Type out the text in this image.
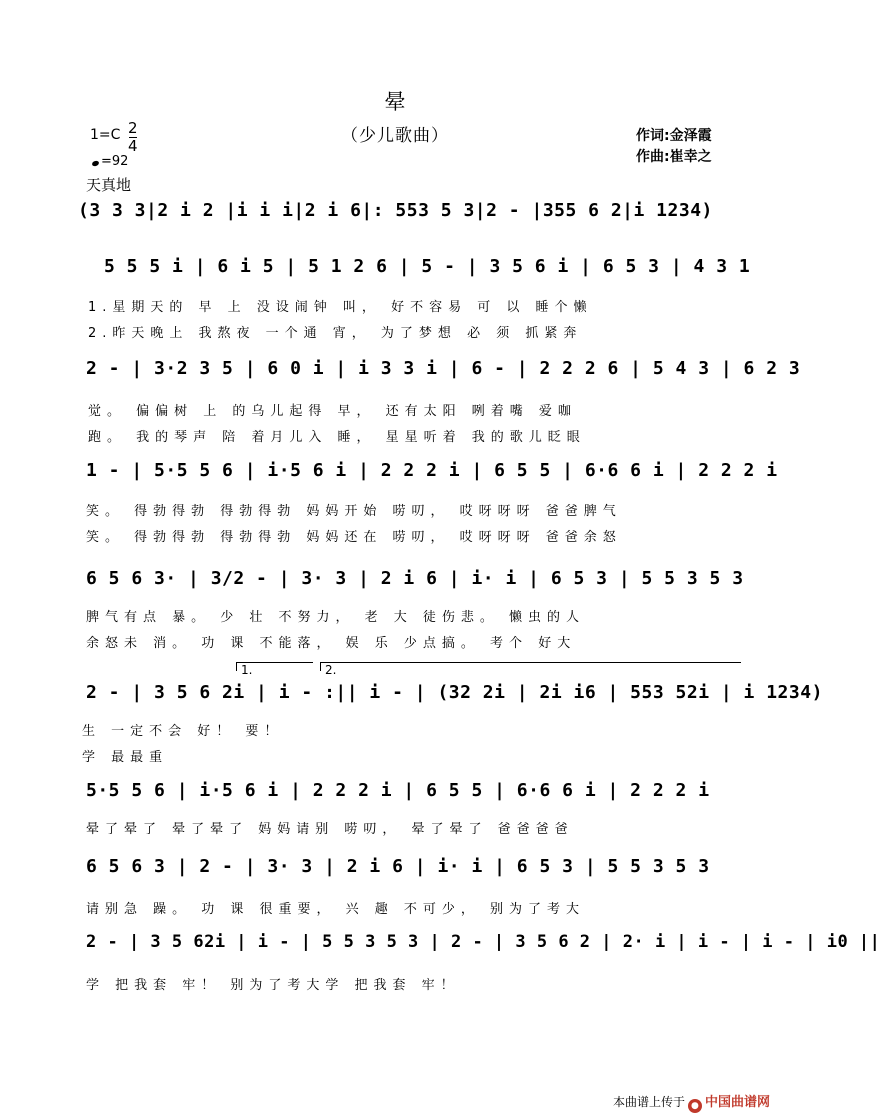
晕
（少儿歌曲）	作词:金泽霞
作曲:崔幸之
1=C 2
4
=92
天真地
(3 3 3|2 i 2 |i i i|2 i 6|: 553 5 3|2 - |355 6 2|i 1234)
5 5 5 i | 6 i 5 | 5 1 2 6 | 5 - | 3 5 6 i | 6 5 3 | 4 3 1
1.星期天的 早 上 没设闹钟 叫， 好不容易 可 以 睡个懒
2.昨天晚上 我熬夜 一个通 宵， 为了梦想 必 须 抓紧奔
2 - | 3·2 3 5 | 6 0 i | i 3 3 i | 6 - | 2 2 2 6 | 5 4 3 | 6 2 3
觉。 偏偏树 上 的乌儿起得 早， 还有太阳 咧着嘴 爱咖
跑。 我的琴声 陪 着月儿入 睡， 星星听着 我的歌儿眨眼
1 - | 5·5 5 6 | i·5 6 i | 2 2 2 i | 6 5 5 | 6·6 6 i | 2 2 2 i
笑。 得勃得勃 得勃得勃 妈妈开始 唠叨， 哎呀呀呀 爸爸脾气
笑。 得勃得勃 得勃得勃 妈妈还在 唠叨， 哎呀呀呀 爸爸余怒
6 5 6 3· | 3/2 - | 3· 3 | 2 i 6 | i· i | 6 5 3 | 5 5 3 5 3
脾气有点 暴。 少 壮 不努力， 老 大 徒伤悲。 懒虫的人
余怒未 消。 功 课 不能落， 娱 乐 少点搞。 考个 好大
1.	2.
2 - | 3 5 6 2i | i - :|| i - | (32 2i | 2i i6 | 553 52i | i 1234)
生 一定不会 好！ 要！
学 最最重
5·5 5 6 | i·5 6 i | 2 2 2 i | 6 5 5 | 6·6 6 i | 2 2 2 i
晕了晕了 晕了晕了 妈妈请别 唠叨， 晕了晕了 爸爸爸爸
6 5 6 3 | 2 - | 3· 3 | 2 i 6 | i· i | 6 5 3 | 5 5 3 5 3
请别急 躁。 功 课 很重要， 兴 趣 不可少， 别为了考大
2 - | 3 5 62i | i - | 5 5 3 5 3 | 2 - | 3 5 6 2 | 2· i | i - | i - | i0 ||
学 把我套 牢！ 别为了考大学 把我套 牢！
本曲谱上传于 ● 中国曲谱网
